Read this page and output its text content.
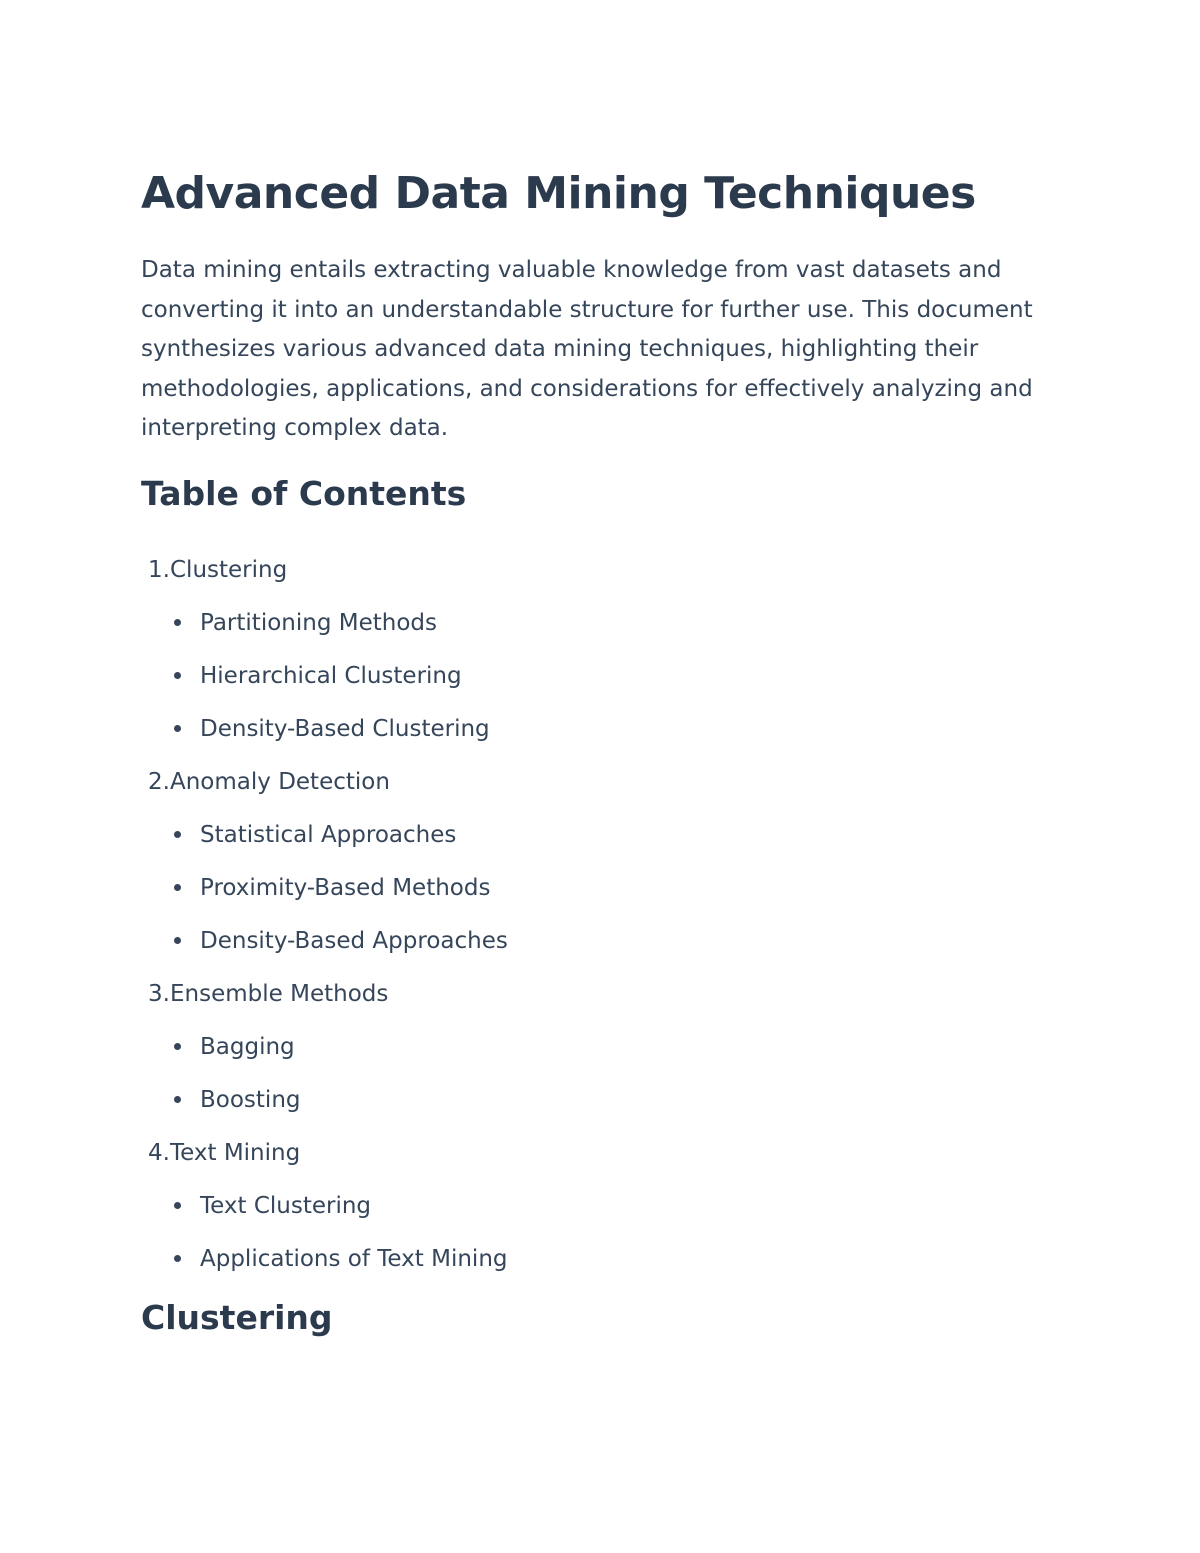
Advanced Data Mining Techniques

Data mining entails extracting valuable knowledge from vast datasets and converting it into an understandable structure for further use. This document synthesizes various advanced data mining techniques, highlighting their methodologies, applications, and considerations for effectively analyzing and interpreting complex data.

Table of Contents
1. Clustering
Partitioning Methods
Hierarchical Clustering
Density-Based Clustering
2. Anomaly Detection
Statistical Approaches
Proximity-Based Methods
Density-Based Approaches
3. Ensemble Methods
Bagging
Boosting
4. Text Mining
Text Clustering
Applications of Text Mining
Clustering
